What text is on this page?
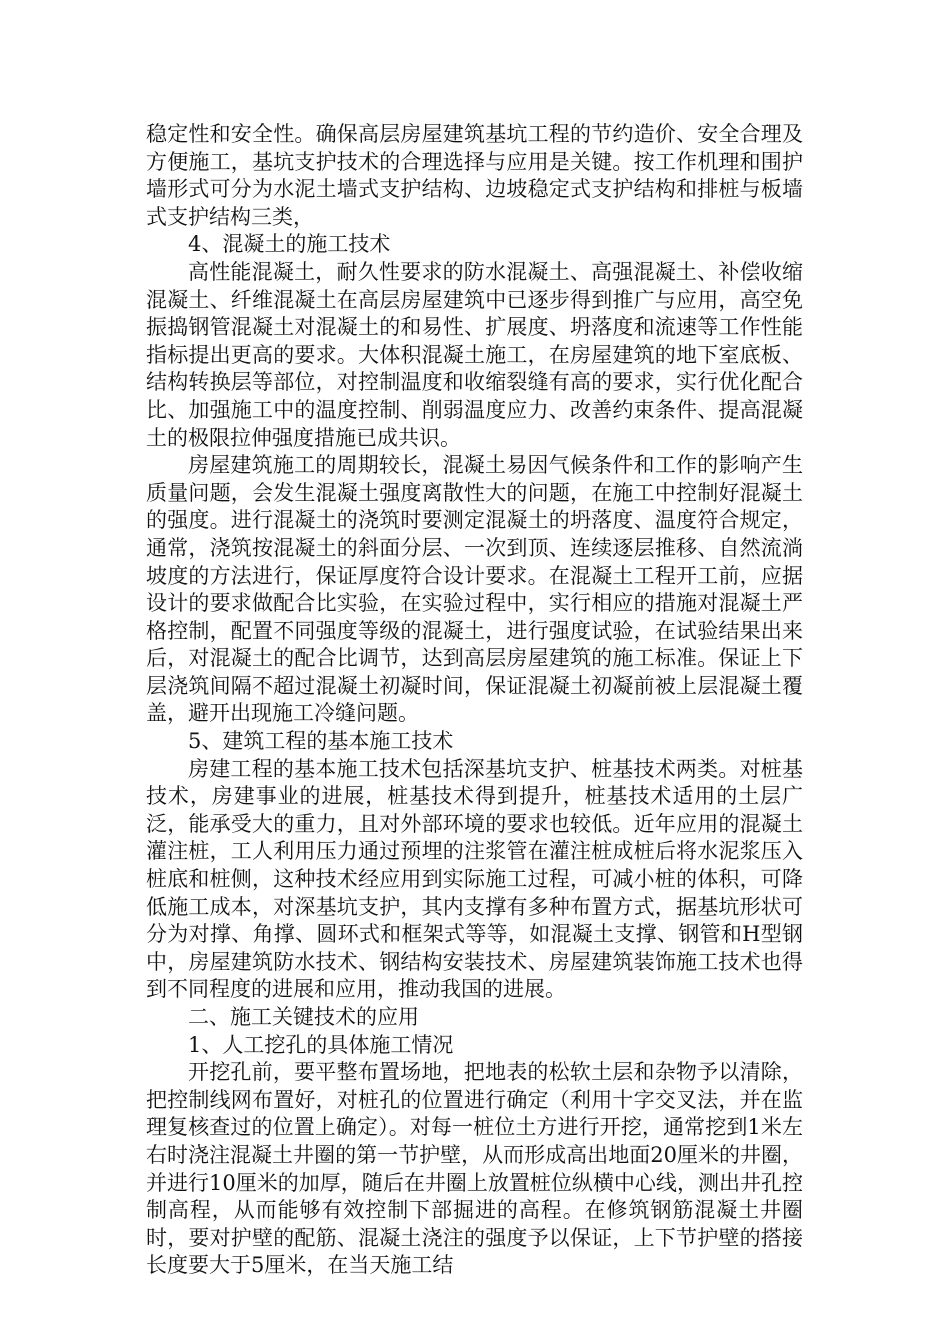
稳定性和安全性。确保高层房屋建筑基坑工程的节约造价、安全合理及方便施工，基坑支护技术的合理选择与应用是关键。按工作机理和围护墙形式可分为水泥土墙式支护结构、边坡稳定式支护结构和排桩与板墙式支护结构三类，

4、混凝土的施工技术

高性能混凝土，耐久性要求的防水混凝土、高强混凝土、补偿收缩混凝土、纤维混凝土在高层房屋建筑中已逐步得到推广与应用，高空免振捣钢管混凝土对混凝土的和易性、扩展度、坍落度和流速等工作性能指标提出更高的要求。大体积混凝土施工，在房屋建筑的地下室底板、结构转换层等部位，对控制温度和收缩裂缝有高的要求，实行优化配合比、加强施工中的温度控制、削弱温度应力、改善约束条件、提高混凝土的极限拉伸强度措施已成共识。

房屋建筑施工的周期较长，混凝土易因气候条件和工作的影响产生质量问题，会发生混凝土强度离散性大的问题，在施工中控制好混凝土的强度。进行混凝土的浇筑时要测定混凝土的坍落度、温度符合规定，通常，浇筑按混凝土的斜面分层、一次到顶、连续逐层推移、自然流淌坡度的方法进行，保证厚度符合设计要求。在混凝土工程开工前，应据设计的要求做配合比实验，在实验过程中，实行相应的措施对混凝土严格控制，配置不同强度等级的混凝土，进行强度试验，在试验结果出来后，对混凝土的配合比调节，达到高层房屋建筑的施工标准。保证上下层浇筑间隔不超过混凝土初凝时间，保证混凝土初凝前被上层混凝土覆盖，避开出现施工冷缝问题。

5、建筑工程的基本施工技术

房建工程的基本施工技术包括深基坑支护、桩基技术两类。对桩基技术，房建事业的进展，桩基技术得到提升，桩基技术适用的土层广泛，能承受大的重力，且对外部环境的要求也较低。近年应用的混凝土灌注桩，工人利用压力通过预埋的注浆管在灌注桩成桩后将水泥浆压入桩底和桩侧，这种技术经应用到实际施工过程，可减小桩的体积，可降低施工成本，对深基坑支护，其内支撑有多种布置方式，据基坑形状可分为对撑、角撑、圆环式和框架式等等，如混凝土支撑、钢管和H型钢中，房屋建筑防水技术、钢结构安装技术、房屋建筑装饰施工技术也得到不同程度的进展和应用，推动我国的进展。

二、施工关键技术的应用

1、人工挖孔的具体施工情况

开挖孔前，要平整布置场地，把地表的松软土层和杂物予以清除，把控制线网布置好，对桩孔的位置进行确定（利用十字交叉法，并在监理复核查过的位置上确定）。对每一桩位土方进行开挖，通常挖到1米左右时浇注混凝土井圈的第一节护壁，从而形成高出地面20厘米的井圈，并进行10厘米的加厚，随后在井圈上放置桩位纵横中心线，测出井孔控制高程，从而能够有效控制下部掘进的高程。在修筑钢筋混凝土井圈时，要对护壁的配筋、混凝土浇注的强度予以保证，上下节护壁的搭接长度要大于5厘米，在当天施工结
